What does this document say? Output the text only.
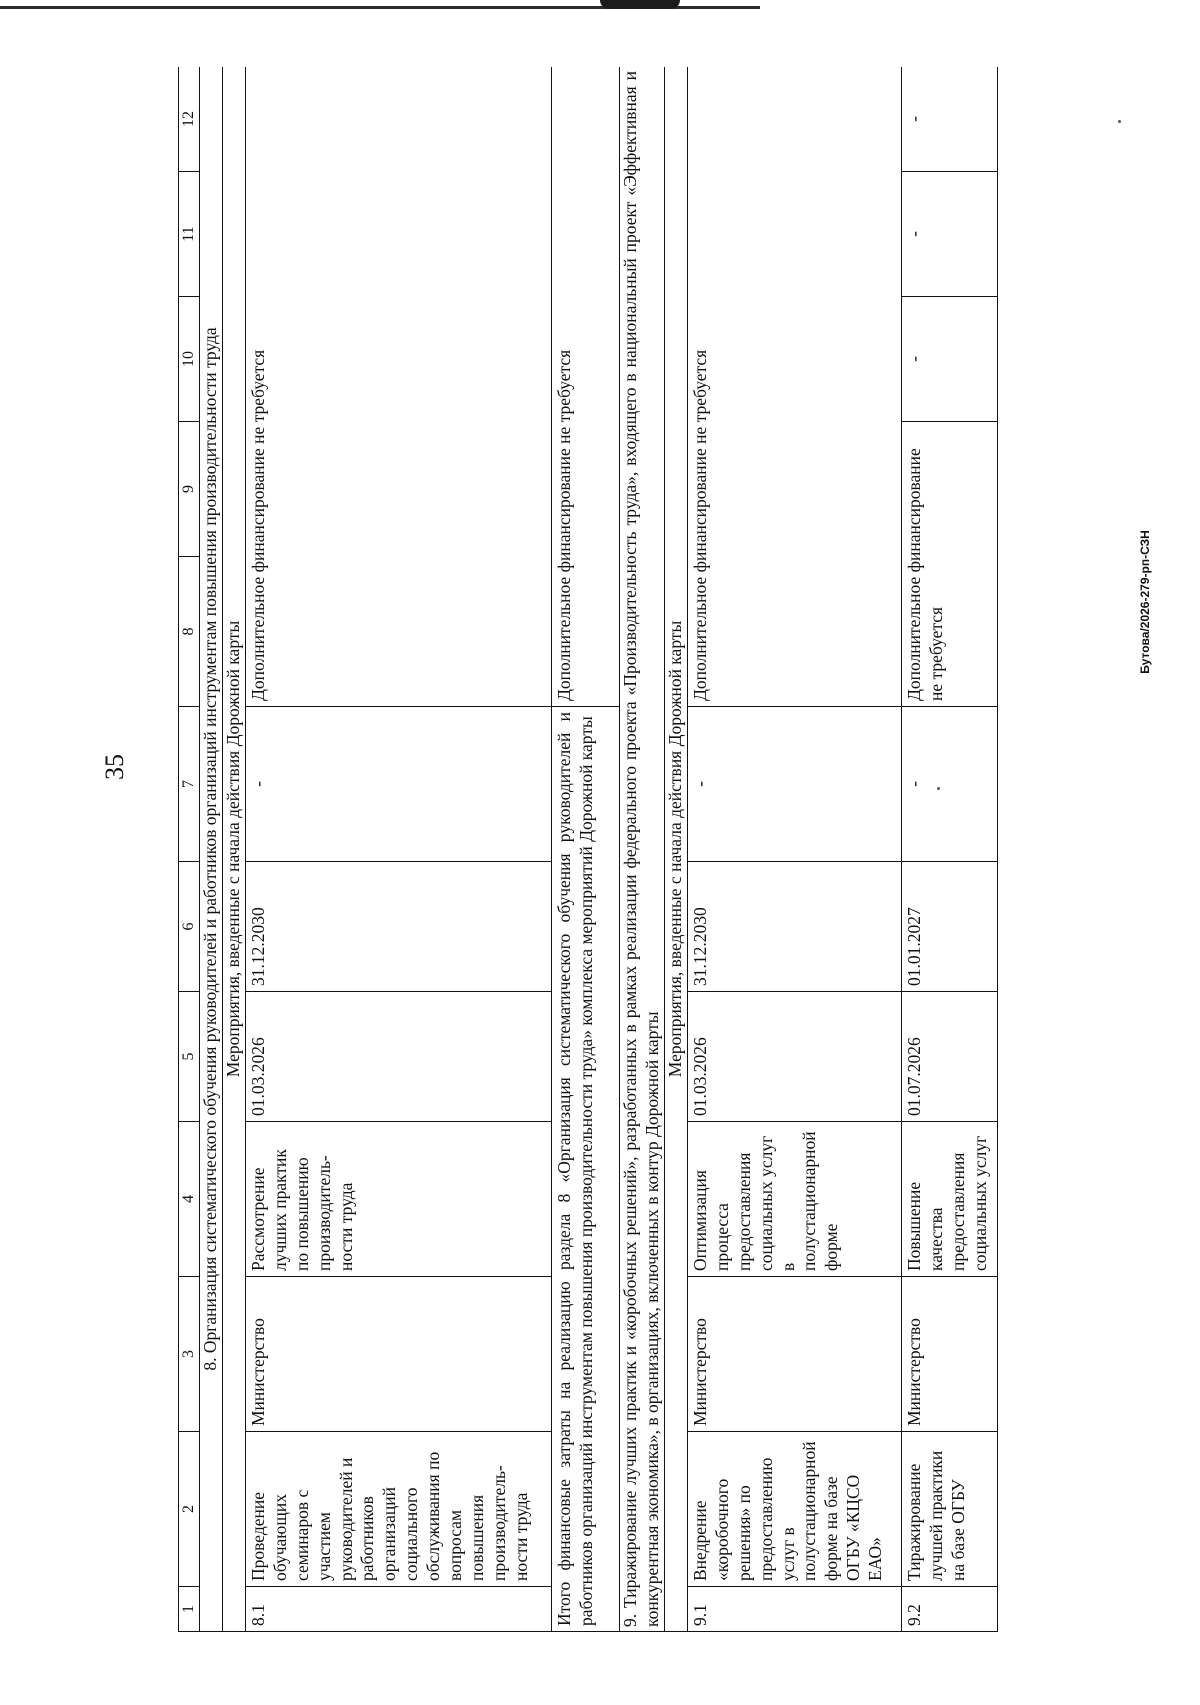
35
Бутова/2026-279-рп-СЗН
1	2	3	4	5	6	7	8	9	10	11	12
8. Организация систематического обучения руководителей и работников организаций инструментам повышения производительности труда											
Мероприятия, введенные с начала действия Дорожной карты											
8.1	Проведение обучающих семинаров с участием руководителей и работников организаций социального обслуживания по вопросам повышения производитель-ности труда	Министерство	Рассмотрение лучших практик по повышению производитель-ности труда	01.03.2026	31.12.2030	-	Дополнительное финансирование не требуется				
Итого финансовые затраты на реализацию раздела 8 «Организация систематического обучения руководителей и работников организаций инструментам повышения производительности труда» комплекса мероприятий Дорожной карты							Дополнительное финансирование не требуется				
9. Тиражирование лучших практик и «коробочных решений», разработанных в рамках реализации федерального проекта «Производительность труда», входящего в национальный проект «Эффективная и конкурентная экономика», в организациях, включенных в контур Дорожной карты											
Мероприятия, введенные с начала действия Дорожной карты											
9.1	Внедрение «коробочного решения» по предоставлению услуг в полустационарной форме на базе ОГБУ «КЦСО ЕАО»	Министерство	Оптимизация процесса предоставления социальных услуг в полустационарной форме	01.03.2026	31.12.2030	-	Дополнительное финансирование не требуется				
9.2	Тиражирование лучшей практики на базе ОГБУ	Министерство	Повышение качества предоставления социальных услуг	01.07.2026	01.01.2027	-	Дополнительное финансирование не требуется		-	-	-
